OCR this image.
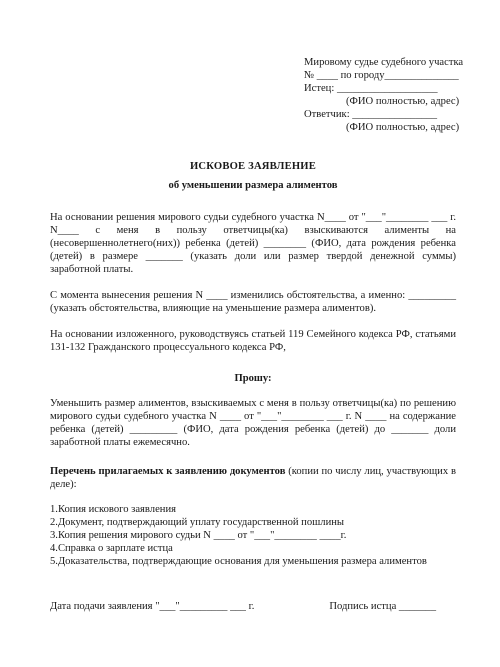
Мировому судье судебного участка
№ ____ по городу______________
Истец: ___________________
(ФИО полностью, адрес)
Ответчик: ________________
(ФИО полностью, адрес)
ИСКОВОЕ ЗАЯВЛЕНИЕ
об уменьшении размера алиментов

На основании решения мирового судьи судебного участка N____ от "___"________ ___ г. N____ с меня в пользу ответчицы(ка) взыскиваются алименты на (несовершеннолетнего(них)) ребенка (детей) ________ (ФИО, дата рождения ребенка (детей) в размере _______ (указать доли или размер твердой денежной суммы) заработной платы.

С момента вынесения решения N ____ изменились обстоятельства, а именно: _________ (указать обстоятельства, влияющие на уменьшение размера алиментов).

На основании изложенного, руководствуясь статьей 119 Семейного кодекса РФ, статьями 131-132 Гражданского процессуального кодекса РФ,

Прошу:

Уменьшить размер алиментов, взыскиваемых с меня в пользу ответчицы(ка) по решению мирового судьи судебного участка N ____ от "___"________ ___ г. N ____ на содержание ребенка (детей) _________ (ФИО, дата рождения ребенка (детей) до _______ доли заработной платы ежемесячно.

Перечень прилагаемых к заявлению документов (копии по числу лиц, участвующих в деле):

1.Копия искового заявления
2.Документ, подтверждающий уплату государственной пошлины
3.Копия решения мирового судьи N ____ от "___"________ ____г.
4.Справка о зарплате истца
5.Доказательства, подтверждающие основания для уменьшения размера алиментов
Дата подачи заявления "___"_________ ___ г.	Подпись истца _______
